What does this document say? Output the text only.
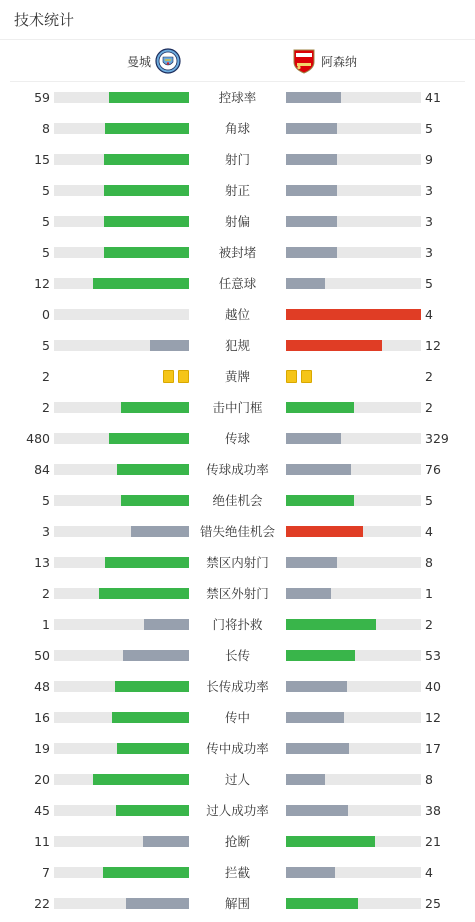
技术统计
曼城	阿森纳
59	控球率	41
8	角球	5
15	射门	9
5	射正	3
5	射偏	3
5	被封堵	3
12	任意球	5
0	越位	4
5	犯规	12
2	黄牌	2
2	击中门框	2
480	传球	329
84	传球成功率	76
5	绝佳机会	5
3	错失绝佳机会	4
13	禁区内射门	8
2	禁区外射门	1
1	门将扑救	2
50	长传	53
48	长传成功率	40
16	传中	12
19	传中成功率	17
20	过人	8
45	过人成功率	38
11	抢断	21
7	拦截	4
22	解围	25
